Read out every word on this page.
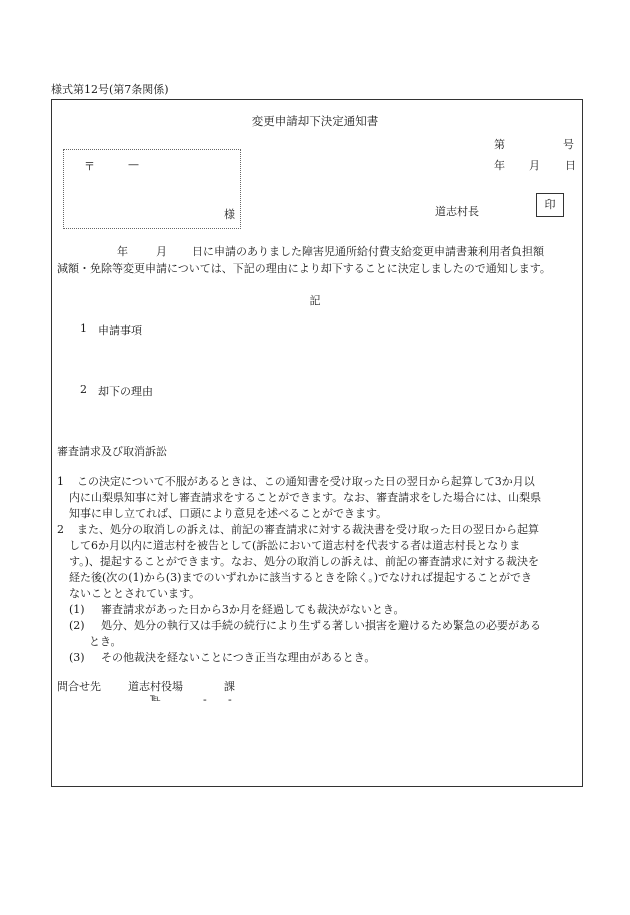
様式第12号(第7条関係)
変更申請却下決定通知書
第	号
年 月 日
〒	—
様	道志村長
印
年	月 日に申請のありました障害児通所給付費支給変更申請書兼利用者負担額
減額・免除等変更申請については、下記の理由により却下することに決定しましたので通知します。
記
1 申請事項
2 却下の理由
審査請求及び取消訴訟
1 この決定について不服があるときは、この通知書を受け取った日の翌日から起算して3か月以
内に山梨県知事に対し審査請求をすることができます。なお、審査請求をした場合には、山梨県
知事に申し立てれば、口頭により意見を述べることができます。
2 また、処分の取消しの訴えは、前記の審査請求に対する裁決書を受け取った日の翌日から起算
して6か月以内に道志村を被告として(訴訟において道志村を代表する者は道志村長となりま
す。)、提起することができます。なお、処分の取消しの訴えは、前記の審査請求に対する裁決を
経た後(次の(1)から(3)までのいずれかに該当するときを除く。)でなければ提起することができ
ないこととされています。
(1) 審査請求があった日から3か月を経過しても裁決がないとき。
(2) 処分、処分の執行又は手続の続行により生ずる著しい損害を避けるため緊急の必要がある
とき。
(3) その他裁決を経ないことにつき正当な理由があるとき。
問合せ先 道志村役場	課
℡	- -
